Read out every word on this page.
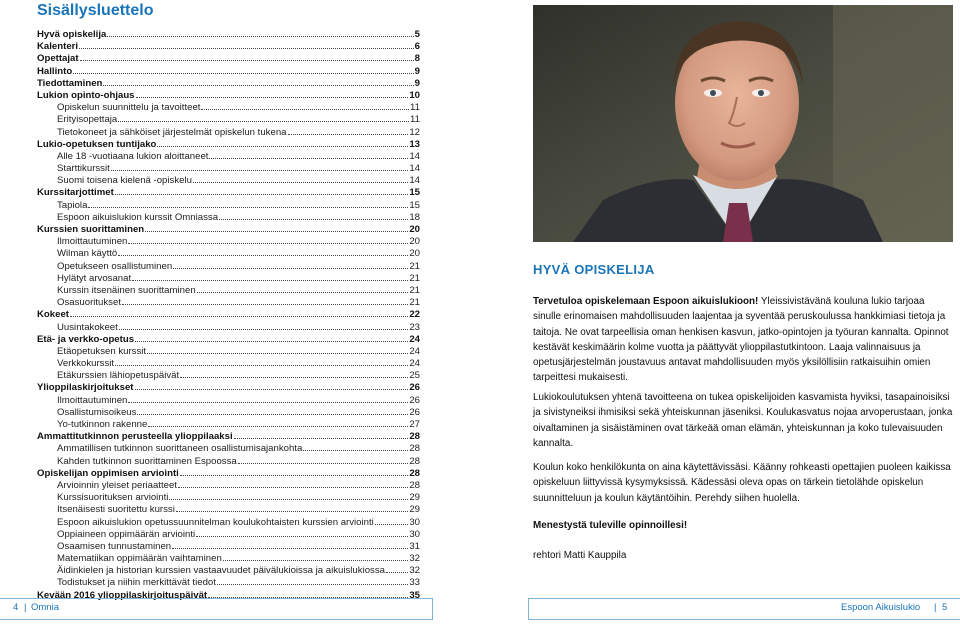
Sisällysluettelo
Hyvä opiskelija	5
Kalenteri	6
Opettajat	8
Hallinto	9
Tiedottaminen	9
Lukion opinto-ohjaus	10
Opiskelun suunnittelu ja tavoitteet	11
Erityisopettaja	11
Tietokoneet ja sähköiset järjestelmät opiskelun tukena	12
Lukio-opetuksen tuntijako	13
Alle 18 -vuotiaana lukion aloittaneet	14
Starttikurssit	14
Suomi toisena kielenä -opiskelu	14
Kurssitarjottimet	15
Tapiola	15
Espoon aikuislukion kurssit Omniassa	18
Kurssien suorittaminen	20
Ilmoittautuminen	20
Wilman käyttö	20
Opetukseen osallistuminen	21
Hylätyt arvosanat	21
Kurssin itsenäinen suorittaminen	21
Osasuoritukset	21
Kokeet	22
Uusintakokeet	23
Etä- ja verkko-opetus	24
Etäopetuksen kurssit	24
Verkkokurssit	24
Etäkurssien lähiopetuspäivät	25
Ylioppilaskirjoitukset	26
Ilmoittautuminen	26
Osallistumisoikeus	26
Yo-tutkinnon rakenne	27
Ammattitutkinnon perusteella ylioppilaaksi	28
Ammatillisen tutkinnon suorittaneen osallistumisajankohta	28
Kahden tutkinnon suorittaminen Espoossa	28
Opiskelijan oppimisen arviointi	28
Arvioinnin yleiset periaatteet	28
Kurssisuorituksen arviointi	29
Itsenäisesti suoritettu kurssi	29
Espoon aikuislukion opetussuunnitelman koulukohtaisten kurssien arviointi	30
Oppiaineen oppimäärän arviointi	30
Osaamisen tunnustaminen	31
Matematiikan oppimäärän vaihtaminen	32
Äidinkielen ja historian kurssien vastaavuudet päivälukioissa ja aikuislukiossa	32
Todistukset ja niihin merkittävät tiedot	33
Kevään 2016 ylioppilaskirjoituspäivät	35
HYVÄ OPISKELIJA
Tervetuloa opiskelemaan Espoon aikuislukioon! Yleissivistävänä kouluna lukio tarjoaa sinulle erinomaisen mahdollisuuden laajentaa ja syventää peruskoulussa hankkimiasi tietoja ja taitoja. Ne ovat tarpeellisia oman henkisen kasvun, jatko-opintojen ja työuran kannalta. Opinnot kestävät keskimäärin kolme vuotta ja päättyvät ylioppilastutkintoon. Laaja valinnaisuus ja opetusjärjestelmän joustavuus antavat mahdollisuuden myös yksilöllisiin ratkaisuihin omien tarpeittesi mukaisesti.
Lukiokoulutuksen yhtenä tavoitteena on tukea opiskelijoiden kasvamista hyviksi, tasapainoisiksi ja sivistyneiksi ihmisiksi sekä yhteiskunnan jäseniksi. Koulukasvatus nojaa arvoperustaan, jonka oivaltaminen ja sisäistäminen ovat tärkeää oman elämän, yhteiskunnan ja koko tulevaisuuden kannalta.
Koulun koko henkilökunta on aina käytettävissäsi. Käänny rohkeasti opettajien puoleen kaikissa opiskeluun liittyvissä kysymyksissä. Kädessäsi oleva opas on tärkein tietolähde opiskelun suunnitteluun ja koulun käytäntöihin. Perehdy siihen huolella.
Menestystä tuleville opinnoillesi!
rehtori Matti Kauppila
4 | Omnia	Espoon Aikuislukio | 5
